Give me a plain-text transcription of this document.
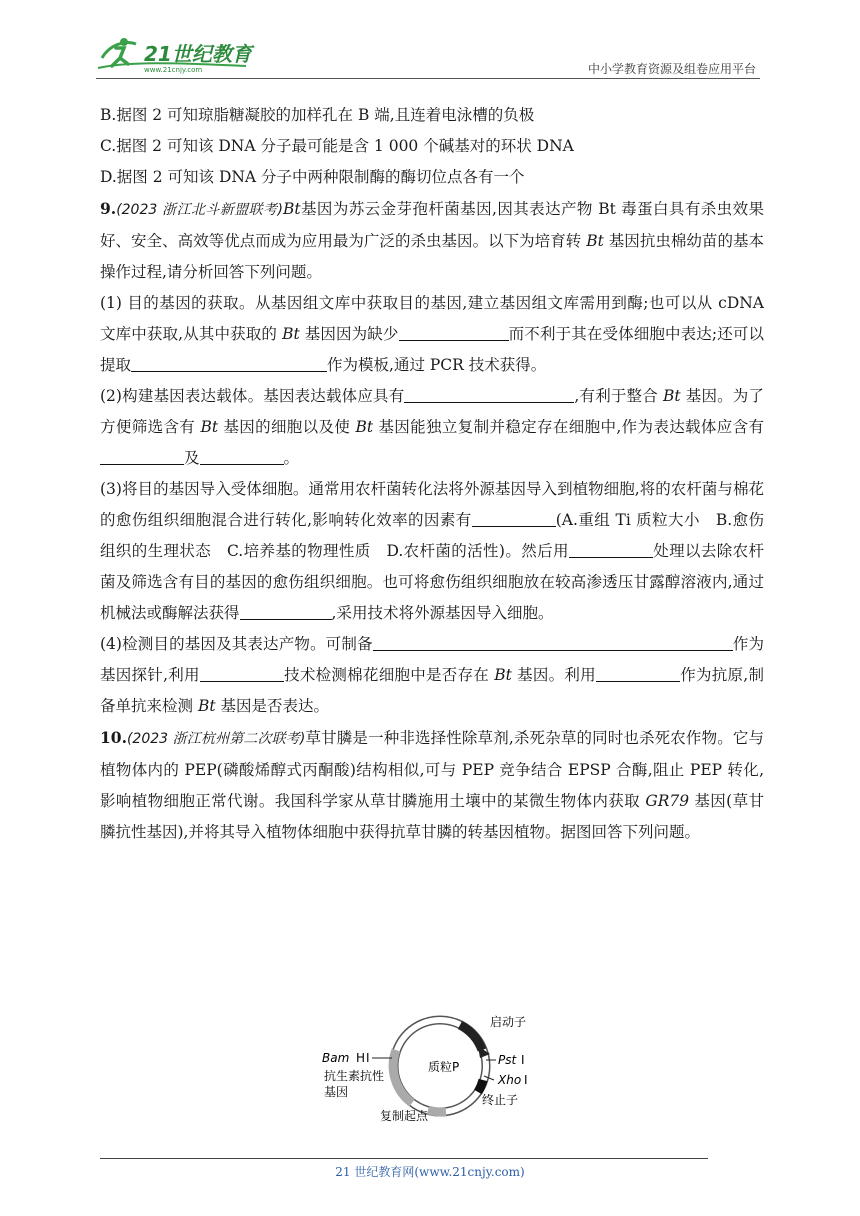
21世纪教育
www.21cnjy.com	中小学教育资源及组卷应用平台

B.据图 2 可知琼脂糖凝胶的加样孔在 B 端,且连着电泳槽的负极

C.据图 2 可知该 DNA 分子最可能是含 1 000 个碱基对的环状 DNA

D.据图 2 可知该 DNA 分子中两种限制酶的酶切位点各有一个

9.(2023 浙江北斗新盟联考)Bt基因为苏云金芽孢杆菌基因,因其表达产物 Bt 毒蛋白具有杀虫效果好、安全、高效等优点而成为应用最为广泛的杀虫基因。以下为培育转 Bt 基因抗虫棉幼苗的基本操作过程,请分析回答下列问题。

(1) 目的基因的获取。从基因组文库中获取目的基因,建立基因组文库需用到酶;也可以从 cDNA 文库中获取,从其中获取的 Bt 基因因为缺少	而不利于其在受体细胞中表达;还可以提取	作为模板,通过 PCR 技术获得。

(2)构建基因表达载体。基因表达载体应具有	,有利于整合 Bt 基因。为了方便筛选含有 Bt 基因的细胞以及使 Bt 基因能独立复制并稳定存在细胞中,作为表达载体应含有及	。

(3)将目的基因导入受体细胞。通常用农杆菌转化法将外源基因导入到植物细胞,将的农杆菌与棉花的愈伤组织细胞混合进行转化,影响转化效率的因素有	(A.重组 Ti 质粒大小　B.愈伤组织的生理状态　C.培养基的物理性质　D.农杆菌的活性)。然后用	处理以去除农杆菌及筛选含有目的基因的愈伤组织细胞。也可将愈伤组织细胞放在较高渗透压甘露醇溶液内,通过机械法或酶解法获得	,采用技术将外源基因导入细胞。

(4)检测目的基因及其表达产物。可制备	作为基因探针,利用	技术检测棉花细胞中是否存在 Bt 基因。利用	作为抗原,制备单抗来检测 Bt 基因是否表达。

10.(2023 浙江杭州第二次联考)草甘膦是一种非选择性除草剂,杀死杂草的同时也杀死农作物。它与植物体内的 PEP(磷酸烯醇式丙酮酸)结构相似,可与 PEP 竞争结合 EPSP 合酶,阻止 PEP 转化,影响植物细胞正常代谢。我国科学家从草甘膦施用土壤中的某微生物体内获取 GR79 基因(草甘膦抗性基因),并将其导入植物体细胞中获得抗草甘膦的转基因植物。据图回答下列问题。

质粒P
启动子
Pst I
Xho I
终止子
复制起点
Bam H I
抗生素抗性
基因
21 世纪教育网(www.21cnjy.com)
